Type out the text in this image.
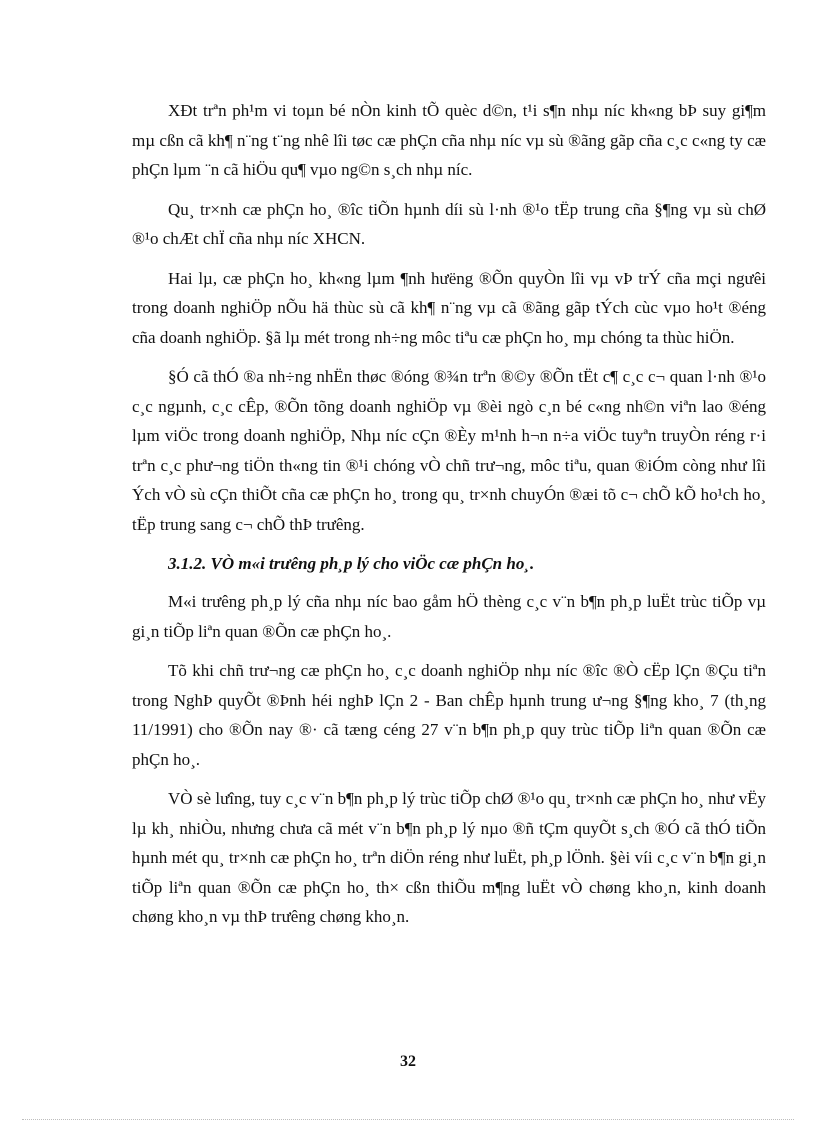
XÐt trªn ph¹m vi toµn bé nÒn kinh tÕ quèc d©n, t¹i s¶n nhµ níc kh«ng bÞ suy gi¶m mµ cßn cã kh¶ n¨ng t¨ng nhê lîi tøc cæ phÇn cña nhµ níc vµ sù ®ãng gãp cña c¸c c«ng ty cæ phÇn lµm ¨n cã hiÖu qu¶ vµo ng©n s¸ch nhµ níc.

Qu¸ tr×nh cæ phÇn ho¸ ®îc tiÕn hµnh díi sù l·nh ®¹o tËp trung cña §¶ng vµ sù chØ ®¹o chÆt chÏ cña nhµ níc XHCN.

Hai lµ, cæ phÇn ho¸ kh«ng lµm ¶nh hưëng ®Õn quyÒn lîi vµ vÞ trÝ cña mçi ngưêi trong doanh nghiÖp nÕu hä thùc sù cã kh¶ n¨ng vµ cã ®ãng gãp tÝch cùc vµo ho¹t ®éng cña doanh nghiÖp. §ã lµ mét trong nh÷ng môc tiªu cæ phÇn ho¸ mµ chóng ta thùc hiÖn.

§Ó cã thÓ ®a nh÷ng nhËn thøc ®óng ®¾n trªn ®©y ®Õn tËt c¶ c¸c c¬ quan l·nh ®¹o c¸c ngµnh, c¸c cÊp, ®Õn tõng doanh nghiÖp vµ ®èi ngò c¸n bé c«ng nh©n viªn lao ®éng lµm viÖc trong doanh nghiÖp, Nhµ níc cÇn ®Èy m¹nh h¬n n÷a viÖc tuyªn truyÒn réng r·i trªn c¸c phư¬ng tiÖn th«ng tin ®¹i chóng vÒ chñ trư¬ng, môc tiªu, quan ®iÓm còng như lîi Ých vÒ sù cÇn thiÕt cña cæ phÇn ho¸ trong qu¸ tr×nh chuyÓn ®æi tõ c¬ chÕ kÕ ho¹ch ho¸ tËp trung sang c¬ chÕ thÞ trưêng.

3.1.2. VÒ m«i trưêng ph¸p lý cho viÖc cæ phÇn ho¸.

M«i trưêng ph¸p lý cña nhµ níc bao gåm hÖ thèng c¸c v¨n b¶n ph¸p luËt trùc tiÕp vµ gi¸n tiÕp liªn quan ®Õn cæ phÇn ho¸.

Tõ khi chñ trư¬ng cæ phÇn ho¸ c¸c doanh nghiÖp nhµ níc ®îc ®Ò cËp lÇn ®Çu tiªn trong NghÞ quyÕt ®Þnh héi nghÞ lÇn 2 - Ban chÊp hµnh trung ư¬ng §¶ng kho¸ 7 (th¸ng 11/1991) cho ®Õn nay ®· cã tæng céng 27 v¨n b¶n ph¸p quy trùc tiÕp liªn quan ®Õn cæ phÇn ho¸.

VÒ sè lưîng, tuy c¸c v¨n b¶n ph¸p lý trùc tiÕp chØ ®¹o qu¸ tr×nh cæ phÇn ho¸ như vËy lµ kh¸ nhiÒu, nhưng chưa cã mét v¨n b¶n ph¸p lý nµo ®ñ tÇm quyÕt s¸ch ®Ó cã thÓ tiÕn hµnh mét qu¸ tr×nh cæ phÇn ho¸ trªn diÖn réng như luËt, ph¸p lÖnh. §èi víi c¸c v¨n b¶n gi¸n tiÕp liªn quan ®Õn cæ phÇn ho¸ th× cßn thiÕu m¶ng luËt vÒ chøng kho¸n, kinh doanh chøng kho¸n vµ thÞ trưêng chøng kho¸n.

32
